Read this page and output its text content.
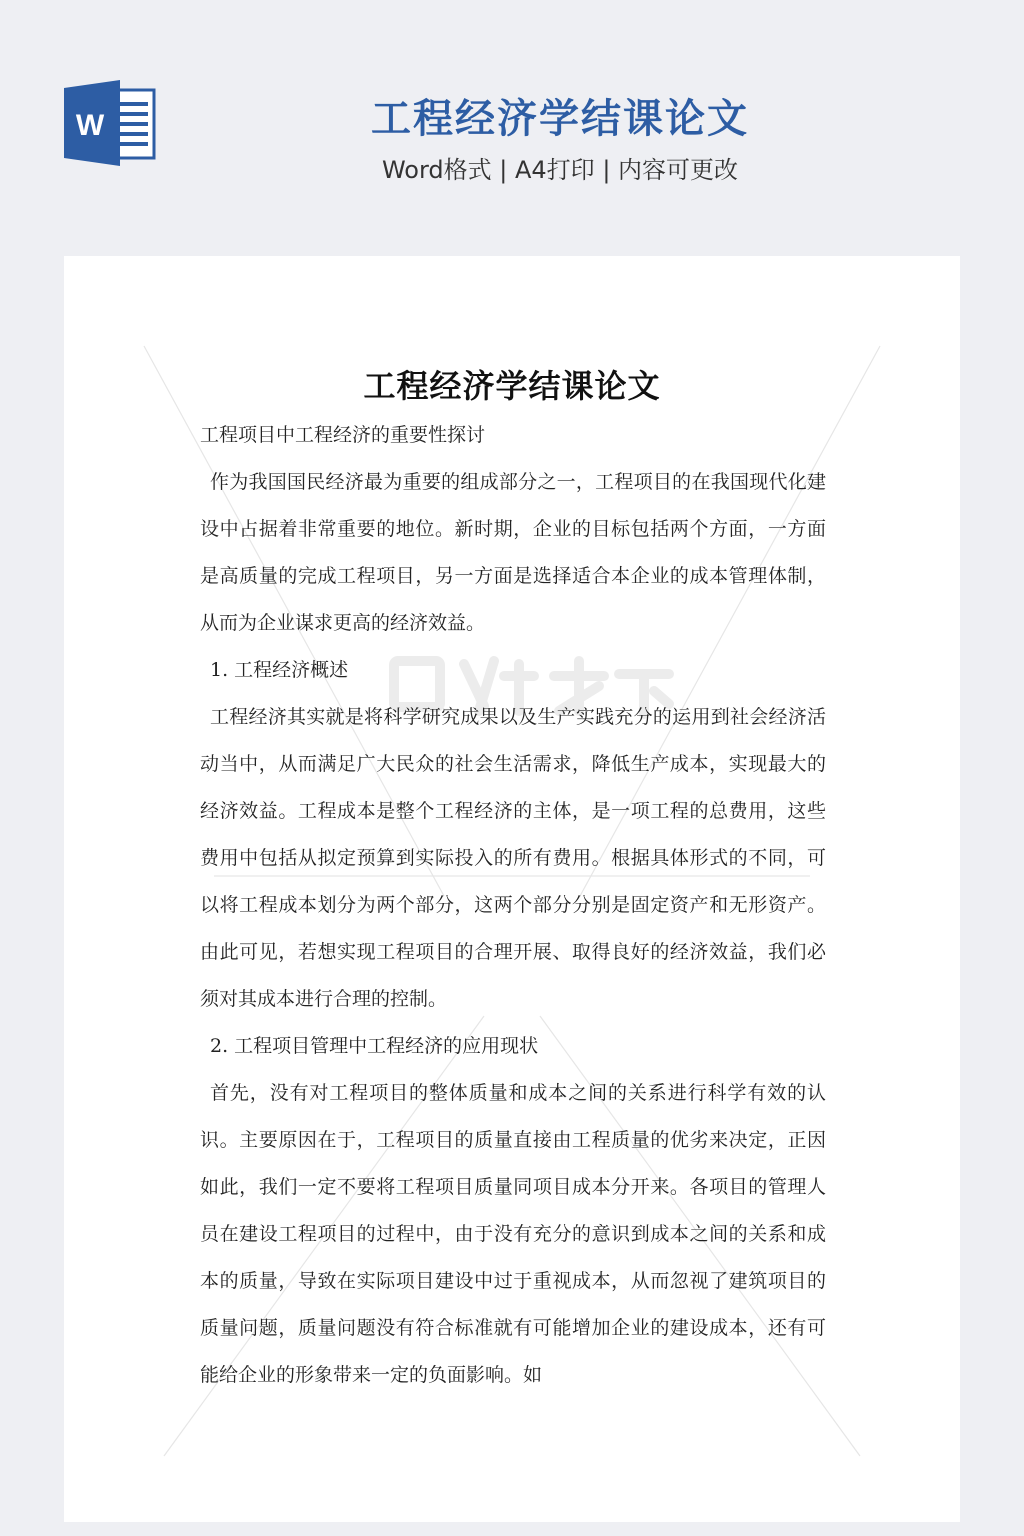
W	工程经济学结课论文
Word格式 | A4打印 | 内容可更改
工程经济学结课论文

工程项目中工程经济的重要性探讨

作为我国国民经济最为重要的组成部分之一，工程项目的在我国现代化建设中占据着非常重要的地位。新时期，企业的目标包括两个方面，一方面是高质量的完成工程项目，另一方面是选择适合本企业的成本管理体制，从而为企业谋求更高的经济效益。

1. 工程经济概述

工程经济其实就是将科学研究成果以及生产实践充分的运用到社会经济活动当中，从而满足广大民众的社会生活需求，降低生产成本，实现最大的经济效益。工程成本是整个工程经济的主体，是一项工程的总费用，这些费用中包括从拟定预算到实际投入的所有费用。根据具体形式的不同，可以将工程成本划分为两个部分，这两个部分分别是固定资产和无形资产。由此可见，若想实现工程项目的合理开展、取得良好的经济效益，我们必须对其成本进行合理的控制。

2. 工程项目管理中工程经济的应用现状

首先，没有对工程项目的整体质量和成本之间的关系进行科学有效的认识。主要原因在于，工程项目的质量直接由工程质量的优劣来决定，正因如此，我们一定不要将工程项目质量同项目成本分开来。各项目的管理人员在建设工程项目的过程中，由于没有充分的意识到成本之间的关系和成本的质量，导致在实际项目建设中过于重视成本，从而忽视了建筑项目的质量问题，质量问题没有符合标准就有可能增加企业的建设成本，还有可能给企业的形象带来一定的负面影响。如
